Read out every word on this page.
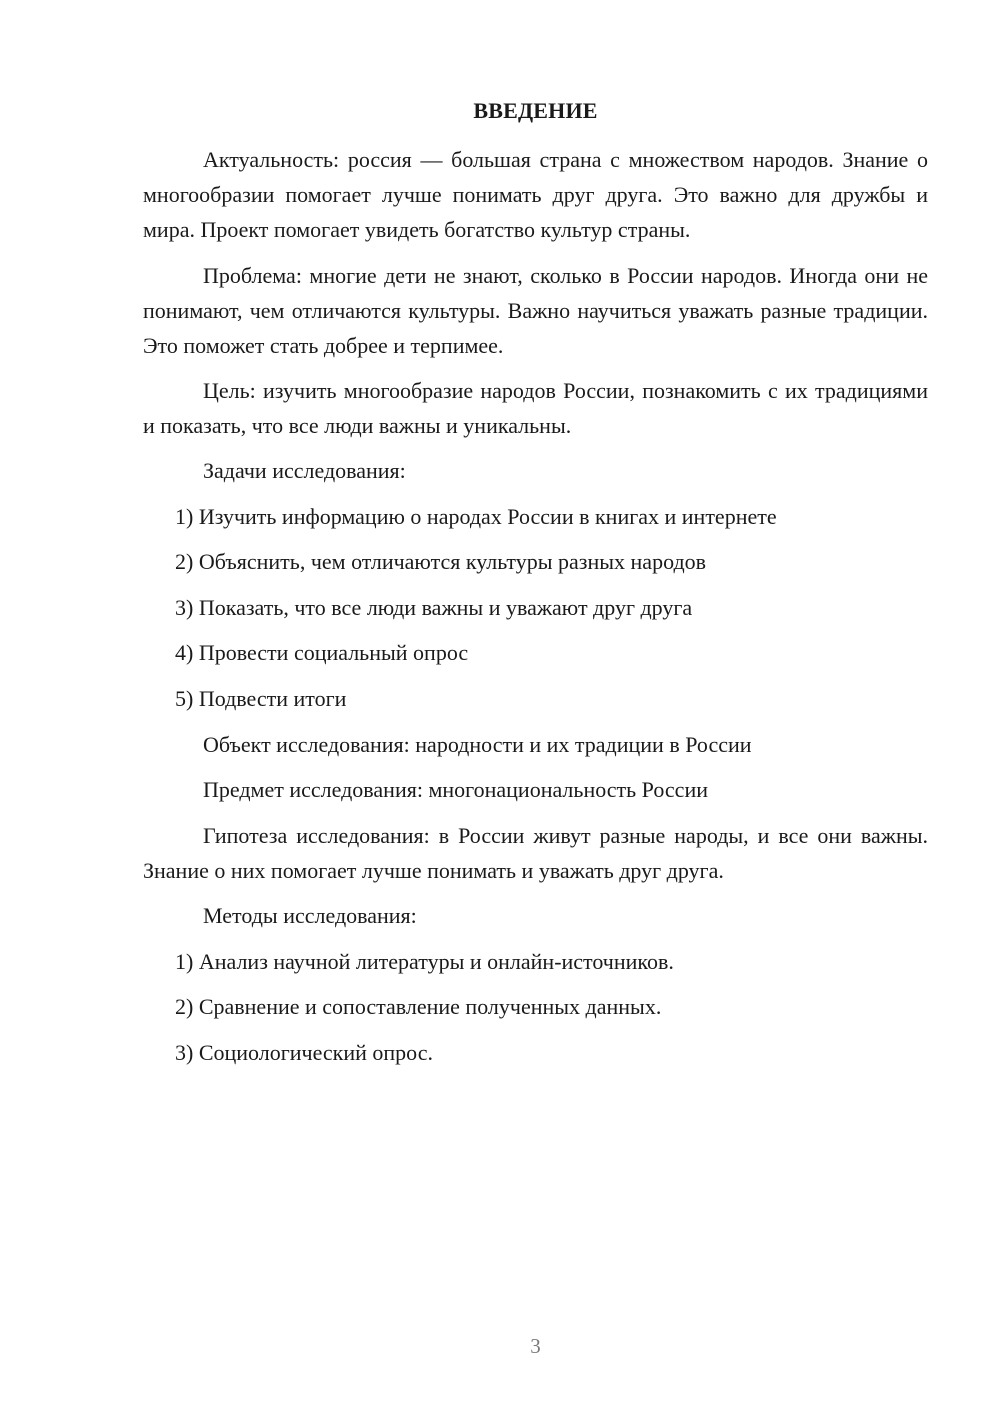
ВВЕДЕНИЕ
Актуальность: россия — большая страна с множеством народов. Знание о многообразии помогает лучше понимать друг друга. Это важно для дружбы и мира. Проект помогает увидеть богатство культур страны.
Проблема: многие дети не знают, сколько в России народов. Иногда они не понимают, чем отличаются культуры. Важно научиться уважать разные традиции. Это поможет стать добрее и терпимее.
Цель: изучить многообразие народов России, познакомить с их традициями и показать, что все люди важны и уникальны.
Задачи исследования:
1) Изучить информацию о народах России в книгах и интернете
2) Объяснить, чем отличаются культуры разных народов
3) Показать, что все люди важны и уважают друг друга
4) Провести социальный опрос
5) Подвести итоги
Объект исследования: народности и их традиции в России
Предмет исследования: многонациональность России
Гипотеза исследования: в России живут разные народы, и все они важны. Знание о них помогает лучше понимать и уважать друг друга.
Методы исследования:
1) Анализ научной литературы и онлайн-источников.
2) Сравнение и сопоставление полученных данных.
3) Социологический опрос.
3
